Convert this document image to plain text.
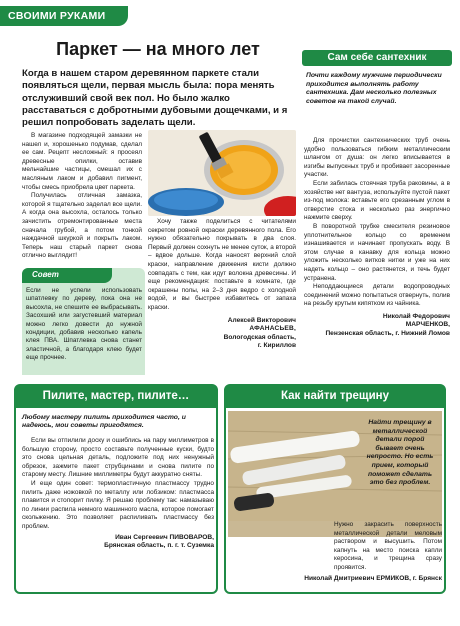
СВОИМИ РУКАМИ
Паркет — на много лет
Когда в нашем старом деревянном паркете стали появляться щели, первая мысль была: пора менять отслуживший свой век пол. Но было жалко расставаться с добротными дубовыми дощечками, и я решил попробовать заделать щели.

В магазине подходящей замазки не нашел и, хорошенько подумав, сделал ее сам. Рецепт несложный: я просеял древесные опилки, оставив мельчайшие частицы, смешал их с масляным лаком и добавил пигмент, чтобы смесь приобрела цвет паркета.

Получилась отличная замазка, которой я тщательно заделал все щели. А когда она высохла, осталось только зачистить отремонтированные места сначала грубой, а потом тонкой наждачной шкуркой и покрыть лаком. Теперь наш старый паркет снова отлично выглядит!

Совет
Если не успели использовать шпатлевку по дереву, пока она не высохла, не спешите ее выбрасывать. Засохший или загустевший материал можно легко довести до нужной кондиции, добавив несколько капель клея ПВА. Шпатлевка снова станет эластичной, а благодаря клею будет еще прочнее.

Хочу также поделиться с читателями секретом ровной окраски деревянного пола. Его нужно обязательно покрывать в два слоя. Первый должен сохнуть не менее суток, а второй – вдвое дольше. Когда наносят верхний слой краски, направление движения кисти должно совпадать с тем, как идут волокна древесины. И еще рекомендация: поставьте в комнате, где окрашены полы, на 2–3 дня ведро с холодной водой, и вы быстрее избавитесь от запаха краски.

Алексей Викторович
АФАНАСЬЕВ,
Вологодская область,
г. Кириллов
Сам себе сантехник
Почти каждому мужчине периодически приходится выполнять работу сантехника. Дам несколько полезных советов на такой случай.

Для прочистки сантехнических труб очень удобно пользоваться гибким металлическим шлангом от душа: он легко вписывается в изгибы выпускных труб и пробивает засоренные участки.

Если забилась стоячная труба раковины, а в хозяйстве нет вантуза, используйте пустой пакет из-под молока: вставьте его срезанным углом в отверстие стока и несколько раз энергично нажмите сверху.

В поворотной трубке смесителя резиновое уплотнительное кольцо со временем изнашивается и начинает пропускать воду. В этом случае в канавку для кольца можно уложить несколько витков нитки и уже на них надеть кольцо – оно растянется, и течь будет устранена.

Неподдающиеся детали водопроводных соединений можно попытаться отвернуть, полив на резьбу крутым кипятком из чайника.

Николай Федорович
МАРЧЕНКОВ,
Пензенская область, г. Нижний Ломов
Пилите, мастер, пилите…
Любому мастеру пилить приходится часто, и надеюсь, мои советы пригодятся.

Если вы отпилили доску и ошиблись на пару миллиметров в большую сторону, просто составьте полученные куски, будто это снова цельная деталь, подложите под них ненужный обрезок, зажмите пакет струбцинами и снова пилите по старому месту. Лишние миллиметры будут аккуратно сняты.

И еще один совет: термопластичную пластмассу трудно пилить даже ножовкой по металлу или лобзиком: пластмасса плавится и стопорит пилку. Я решаю проблему так: намазываю по линии распила немного машинного масла, которое помогает скольжению. Это позволяет распиливать пластмассу без проблем.

Иван Сергеевич ПИВОВАРОВ,
Брянская область, п. г. т. Суземка
Как найти трещину
Найти трещину в металлической детали порой бывает очень непросто. Но есть прием, который поможет сделать это без проблем.

Нужно закрасить поверхность металлической детали меловым раствором и высушить. Потом капнуть на место поиска капли керосина, и трещина сразу проявится.

Николай Дмитриевич ЕРМИКОВ, г. Брянск
